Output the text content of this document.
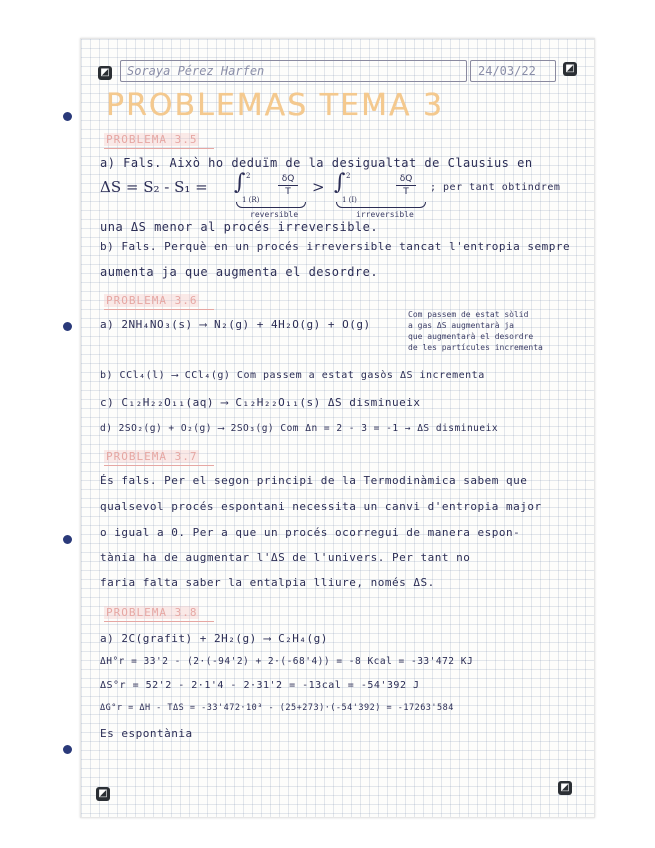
◩	◩
◩
◩
Soraya Pérez Harfen	24/03/22
PROBLEMAS TEMA 3
PROBLEMA 3.5
a) Fals. Això ho deduïm de la desigualtat de Clausius en
ΔS = S₂ - S₁ = ∫ 2
1 (R)
δQ
T	> ∫ 2
1 (I)
δQ
T	; per tant obtindrem
reversible	irreversible
una ΔS menor al procés irreversible.
b) Fals. Perquè en un procés irreversible tancat l'entropia sempre
aumenta ja que augmenta el desordre.
PROBLEMA 3.6
a) 2NH₄NO₃(s) ⟶ N₂(g) + 4H₂O(g) + O(g)
Com passem de estat sòlid
a gas ΔS augmentarà ja
que augmentarà el desordre
de les partícules incrementa
b) CCl₄(l) ⟶ CCl₄(g) Com passem a estat gasòs ΔS incrementa
c) C₁₂H₂₂O₁₁(aq) ⟶ C₁₂H₂₂O₁₁(s) ΔS disminueix
d) 2SO₂(g) + O₂(g) ⟶ 2SO₃(g) Com Δn = 2 - 3 = -1 → ΔS disminueix
PROBLEMA 3.7
És fals. Per el segon principi de la Termodinàmica sabem que
qualsevol procés espontani necessita un canvi d'entropia major
o igual a 0. Per a que un procés ocorregui de manera espon-
tània ha de augmentar l'ΔS de l'univers. Per tant no
faria falta saber la entalpia lliure, només ΔS.
PROBLEMA 3.8
a) 2C(grafit) + 2H₂(g) ⟶ C₂H₄(g)
ΔH°r = 33'2 - (2·(-94'2) + 2·(-68'4)) = -8 Kcal = -33'472 KJ
ΔS°r = 52'2 - 2·1'4 - 2·31'2 = -13cal = -54'392 J
ΔG°r = ΔH - TΔS = -33'472·10³ - (25+273)·(-54'392) = -17263'584
Es espontània
